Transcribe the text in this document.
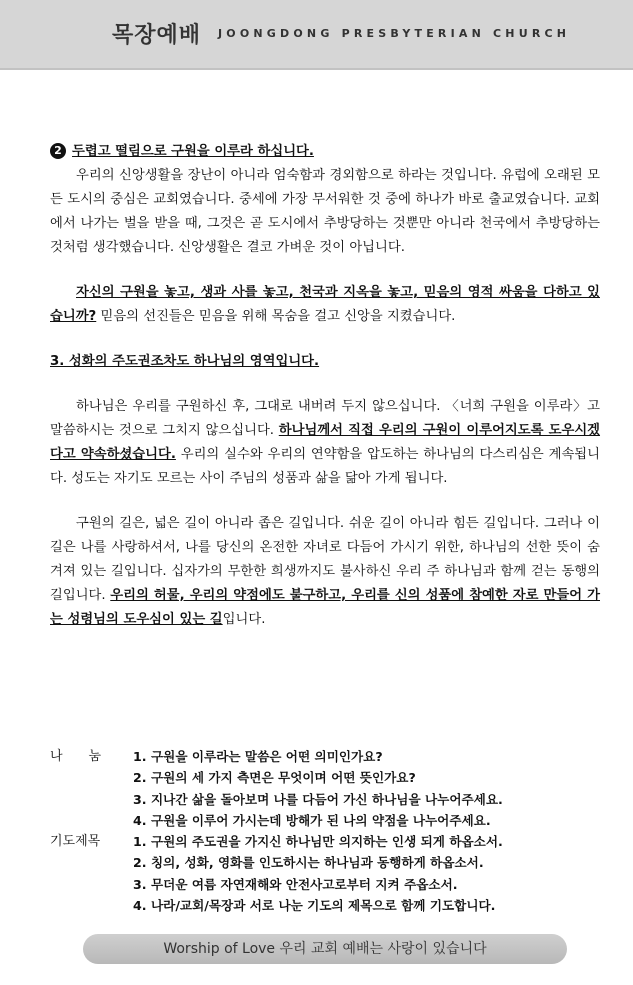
목장예배 JOONGDONG PRESBYTERIAN CHURCH

2 두렵고 떨림으로 구원을 이루라 하십니다.

우리의 신앙생활을 장난이 아니라 엄숙함과 경외함으로 하라는 것입니다. 유럽에 오래된 모든 도시의 중심은 교회였습니다. 중세에 가장 무서워한 것 중에 하나가 바로 출교였습니다. 교회에서 나가는 벌을 받을 때, 그것은 곧 도시에서 추방당하는 것뿐만 아니라 천국에서 추방당하는 것처럼 생각했습니다. 신앙생활은 결코 가벼운 것이 아닙니다.

자신의 구원을 놓고, 생과 사를 놓고, 천국과 지옥을 놓고, 믿음의 영적 싸움을 다하고 있습니까? 믿음의 선진들은 믿음을 위해 목숨을 걸고 신앙을 지켰습니다.

3. 성화의 주도권조차도 하나님의 영역입니다.

하나님은 우리를 구원하신 후, 그대로 내버려 두지 않으십니다. 〈너희 구원을 이루라〉고 말씀하시는 것으로 그치지 않으십니다. 하나님께서 직접 우리의 구원이 이루어지도록 도우시겠다고 약속하셨습니다. 우리의 실수와 우리의 연약함을 압도하는 하나님의 다스리심은 계속됩니다. 성도는 자기도 모르는 사이 주님의 성품과 삶을 닮아 가게 됩니다.

구원의 길은, 넓은 길이 아니라 좁은 길입니다. 쉬운 길이 아니라 힘든 길입니다. 그러나 이 길은 나를 사랑하셔서, 나를 당신의 온전한 자녀로 다듬어 가시기 위한, 하나님의 선한 뜻이 숨겨져 있는 길입니다. 십자가의 무한한 희생까지도 불사하신 우리 주 하나님과 함께 걷는 동행의 길입니다. 우리의 허물, 우리의 약점에도 불구하고, 우리를 신의 성품에 참예한 자로 만들어 가는 성령님의 도우심이 있는 길입니다.

나　　눔	1. 구원을 이루라는 말씀은 어떤 의미인가요?
2. 구원의 세 가지 측면은 무엇이며 어떤 뜻인가요?
3. 지나간 삶을 돌아보며 나를 다듬어 가신 하나님을 나누어주세요.
4. 구원을 이루어 가시는데 방해가 된 나의 약점을 나누어주세요.
기도제목	1. 구원의 주도권을 가지신 하나님만 의지하는 인생 되게 하옵소서.
2. 칭의, 성화, 영화를 인도하시는 하나님과 동행하게 하옵소서.
3. 무더운 여름 자연재해와 안전사고로부터 지켜 주옵소서.
4. 나라/교회/목장과 서로 나눈 기도의 제목으로 함께 기도합니다.
Worship of Love 우리 교회 예배는 사랑이 있습니다
